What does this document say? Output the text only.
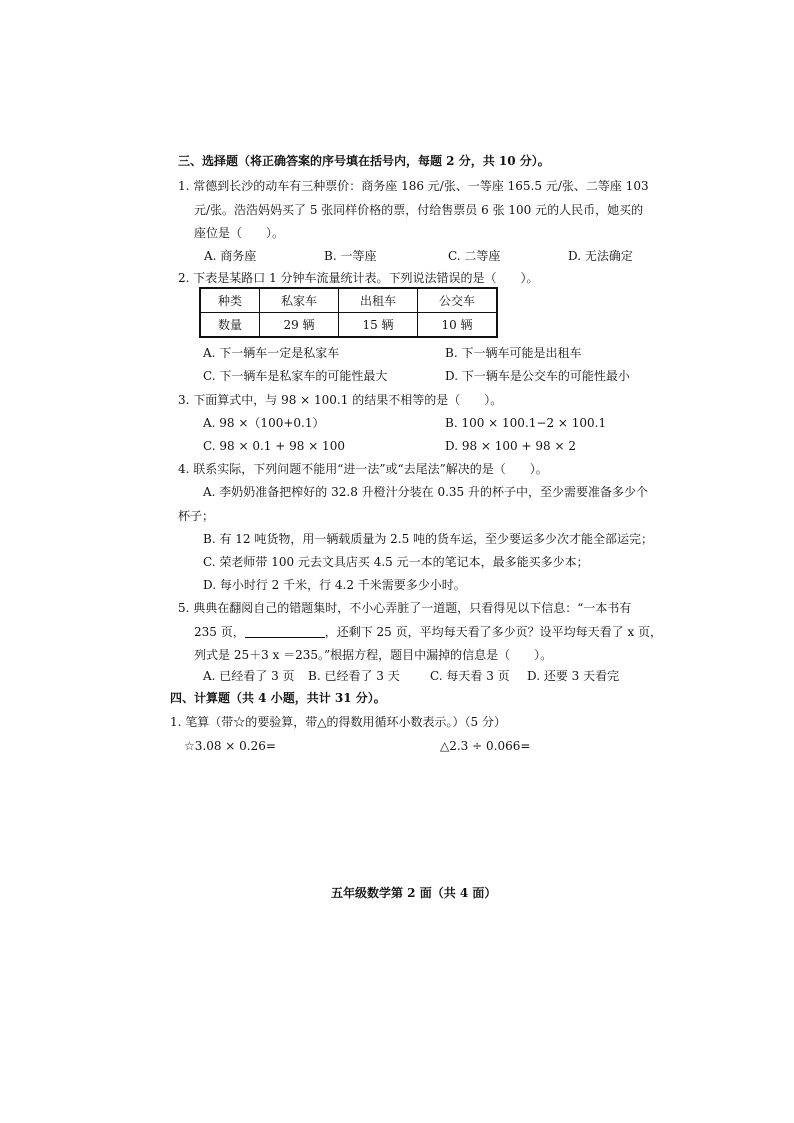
三、选择题（将正确答案的序号填在括号内，每题 2 分，共 10 分）。
1. 常德到长沙的动车有三种票价：商务座 186 元/张、一等座 165.5 元/张、二等座 103
元/张。浩浩妈妈买了 5 张同样价格的票，付给售票员 6 张 100 元的人民币，她买的
座位是（　　）。
A. 商务座	B. 一等座	C. 二等座	D. 无法确定
2. 下表是某路口 1 分钟车流量统计表。下列说法错误的是（　　）。
种类	私家车	出租车	公交车
数量	29 辆	15 辆	10 辆
A. 下一辆车一定是私家车	B. 下一辆车可能是出租车
C. 下一辆车是私家车的可能性最大	D. 下一辆车是公交车的可能性最小
3. 下面算式中，与 98 × 100.1 的结果不相等的是（　　）。
A. 98 ×（100+0.1）	B. 100 × 100.1−2 × 100.1
C. 98 × 0.1 + 98 × 100	D. 98 × 100 + 98 × 2
4. 联系实际，下列问题不能用“进一法”或“去尾法”解决的是（　　）。
A. 李奶奶准备把榨好的 32.8 升橙汁分装在 0.35 升的杯子中，至少需要准备多少个
杯子；
B. 有 12 吨货物，用一辆载质量为 2.5 吨的货车运，至少要运多少次才能全部运完；
C. 荣老师带 100 元去文具店买 4.5 元一本的笔记本，最多能买多少本；
D. 每小时行 2 千米，行 4.2 千米需要多少小时。
5. 典典在翻阅自己的错题集时，不小心弄脏了一道题，只看得见以下信息：“一本书有
235 页，	，还剩下 25 页，平均每天看了多少页？设平均每天看了 x 页，
列式是 25＋3 x ＝235。”根据方程，题目中漏掉的信息是（　　）。
A. 已经看了 3 页 B. 已经看了 3 天	C. 每天看 3 页 D. 还要 3 天看完
四、计算题（共 4 小题，共计 31 分）。
1. 笔算（带☆的要验算，带△的得数用循环小数表示。）（5 分）
☆3.08 × 0.26=	△2.3 ÷ 0.066=
五年级数学第 2 面（共 4 面）
